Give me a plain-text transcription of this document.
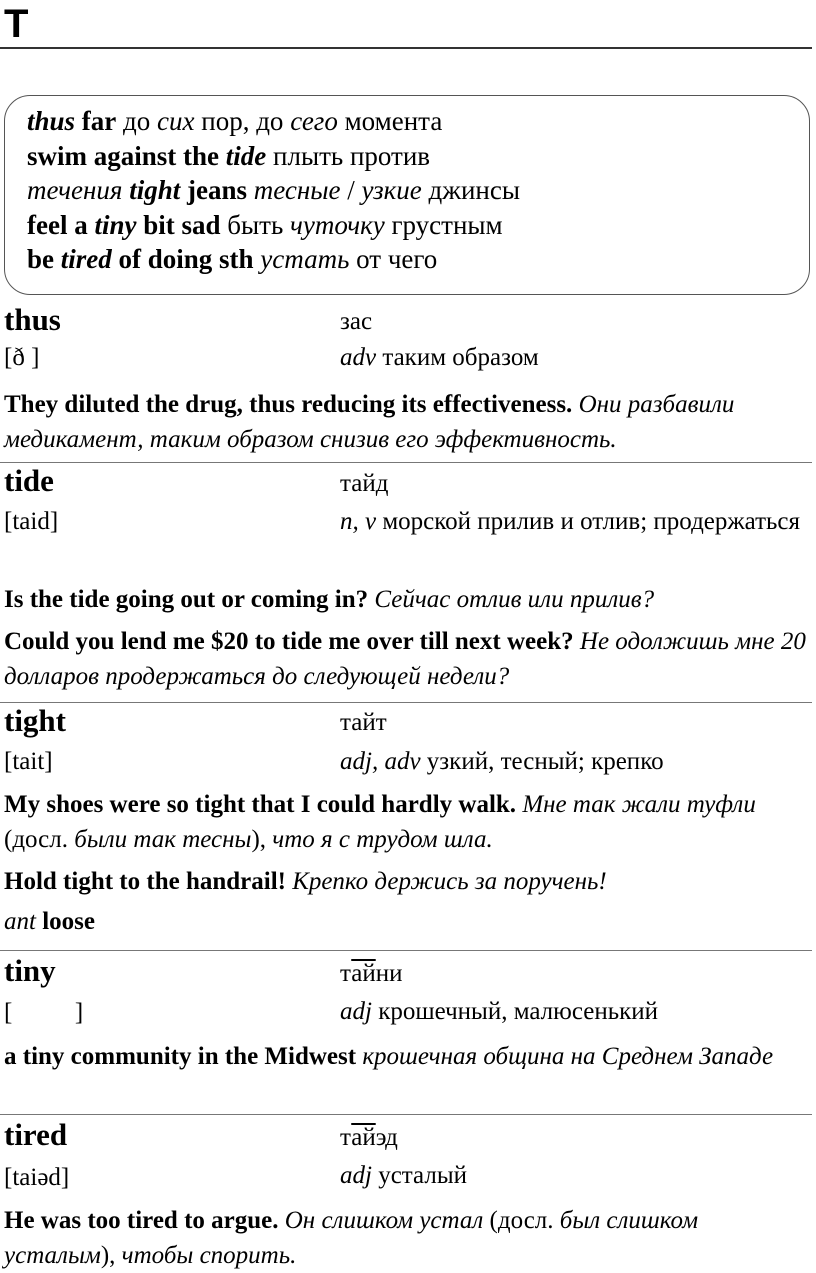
T
thus far до сих пор, до сего момента
swim against the tide плыть против
течения tight jeans тесные / узкие джинсы
feel a tiny bit sad быть чуточку грустным
be tired of doing sth устать от чего
thus	зас
[ð ]	adv таким образом
They diluted the drug, thus reducing its effectiveness. Они разбавили медикамент, таким образом снизив его эффективность.
tide	тайд
[taid]	n, v морской прилив и отлив; продержаться
Is the tide going out or coming in? Сейчас отлив или прилив?
Could you lend me $20 to tide me over till next week? Не одолжишь мне 20 долларов продержаться до следующей недели?
tight	тайт
[tait]	adj, adv узкий, тесный; крепко
My shoes were so tight that I could hardly walk. Мне так жали туфли (досл. были так тесны), что я с трудом шла.
Hold tight to the handrail! Крепко держись за поручень!
ant loose
tiny	тайни
[          ]	adj крошечный, малюсенький
a tiny community in the Midwest крошечная община на Среднем Западе
tired	тайэд
[taiəd]	adj усталый
He was too tired to argue. Он слишком устал (досл. был слишком усталым), чтобы спорить.
